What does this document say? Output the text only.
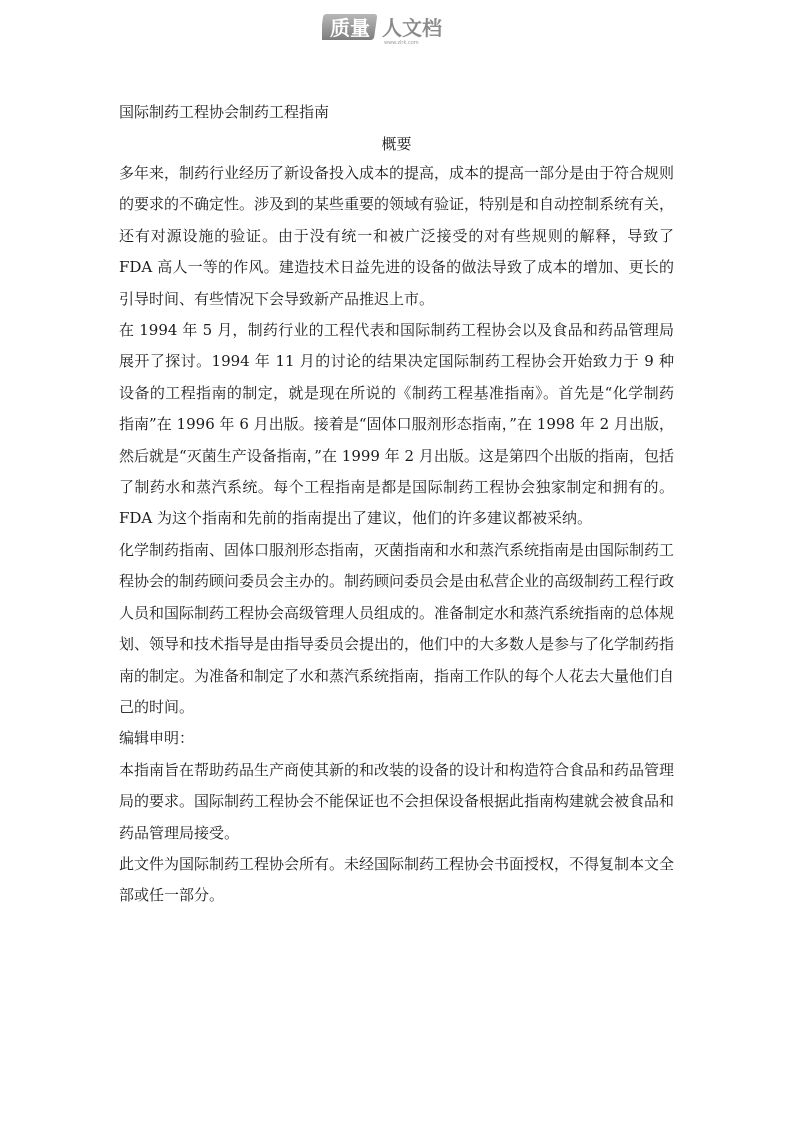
质量 人文档
www.zlrk.com

国际制药工程协会制药工程指南

概要

多年来，制药行业经历了新设备投入成本的提高，成本的提高一部分是由于符合规则的要求的不确定性。涉及到的某些重要的领域有验证，特别是和自动控制系统有关，还有对源设施的验证。由于没有统一和被广泛接受的对有些规则的解释，导致了 FDA 高人一等的作风。建造技术日益先进的设备的做法导致了成本的增加、更长的引导时间、有些情况下会导致新产品推迟上市。

在 1994 年 5 月，制药行业的工程代表和国际制药工程协会以及食品和药品管理局展开了探讨。1994 年 11 月的讨论的结果决定国际制药工程协会开始致力于 9 种设备的工程指南的制定，就是现在所说的《制药工程基准指南》。首先是“化学制药指南”在 1996 年 6 月出版。接着是“固体口服剂形态指南，”在 1998 年 2 月出版，然后就是“灭菌生产设备指南，”在 1999 年 2 月出版。这是第四个出版的指南，包括了制药水和蒸汽系统。每个工程指南是都是国际制药工程协会独家制定和拥有的。FDA 为这个指南和先前的指南提出了建议，他们的许多建议都被采纳。

化学制药指南、固体口服剂形态指南，灭菌指南和水和蒸汽系统指南是由国际制药工程协会的制药顾问委员会主办的。制药顾问委员会是由私营企业的高级制药工程行政人员和国际制药工程协会高级管理人员组成的。准备制定水和蒸汽系统指南的总体规划、领导和技术指导是由指导委员会提出的，他们中的大多数人是参与了化学制药指南的制定。为准备和制定了水和蒸汽系统指南，指南工作队的每个人花去大量他们自己的时间。

编辑申明：

本指南旨在帮助药品生产商使其新的和改装的设备的设计和构造符合食品和药品管理局的要求。国际制药工程协会不能保证也不会担保设备根据此指南构建就会被食品和药品管理局接受。

此文件为国际制药工程协会所有。未经国际制药工程协会书面授权，不得复制本文全部或任一部分。
